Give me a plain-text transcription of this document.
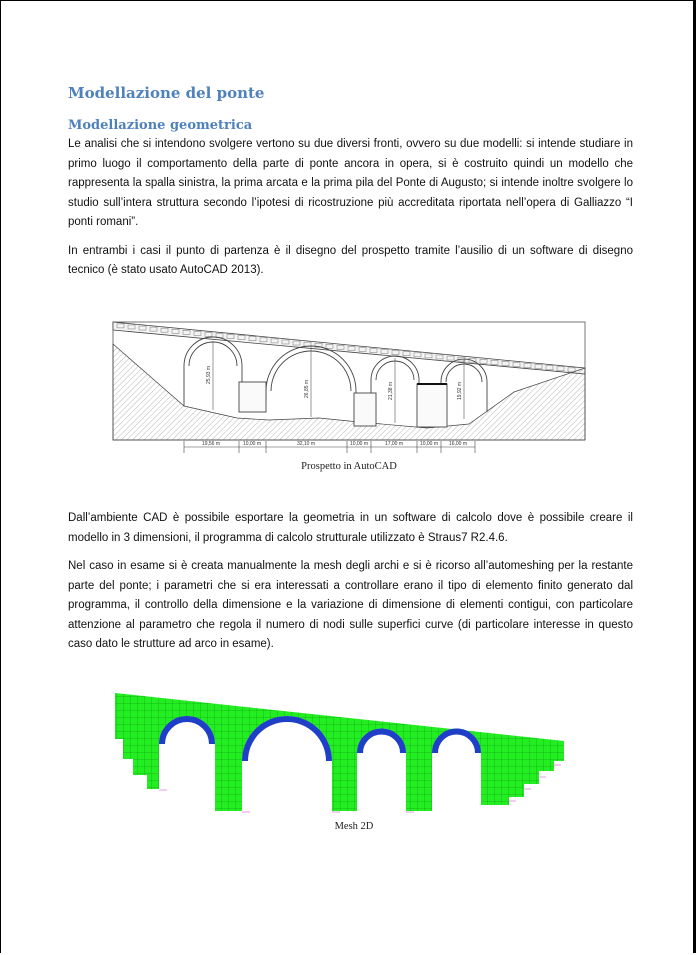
Modellazione del ponte
Modellazione geometrica

Le analisi che si intendono svolgere vertono su due diversi fronti, ovvero su due modelli: si intende studiare in primo luogo il comportamento della parte di ponte ancora in opera, si è costruito quindi un modello che rappresenta la spalla sinistra, la prima arcata e la prima pila del Ponte di Augusto; si intende inoltre svolgere lo studio sull’intera struttura secondo l’ipotesi di ricostruzione più accreditata riportata nell’opera di Galliazzo “I ponti romani”.

In entrambi i casi il punto di partenza è il disegno del prospetto tramite l’ausilio di un software di disegno tecnico (è stato usato AutoCAD 2013).

25,93 m
26,85 m	21,38 m	19,92 m
19,56 m	10,00 m	32,10 m	10,00 m	17,00 m	10,00 m 16,00 m
Prospetto in AutoCAD

Dall’ambiente CAD è possibile esportare la geometria in un software di calcolo dove è possibile creare il modello in 3 dimensioni, il programma di calcolo strutturale utilizzato è Straus7 R2.4.6.

Nel caso in esame si è creata manualmente la mesh degli archi e si è ricorso all’automeshing per la restante parte del ponte; i parametri che si era interessati a controllare erano il tipo di elemento finito generato dal programma, il controllo della dimensione e la variazione di dimensione di elementi contigui, con particolare attenzione al parametro che regola il numero di nodi sulle superfici curve (di particolare interesse in questo caso dato le strutture ad arco in esame).

Mesh 2D
